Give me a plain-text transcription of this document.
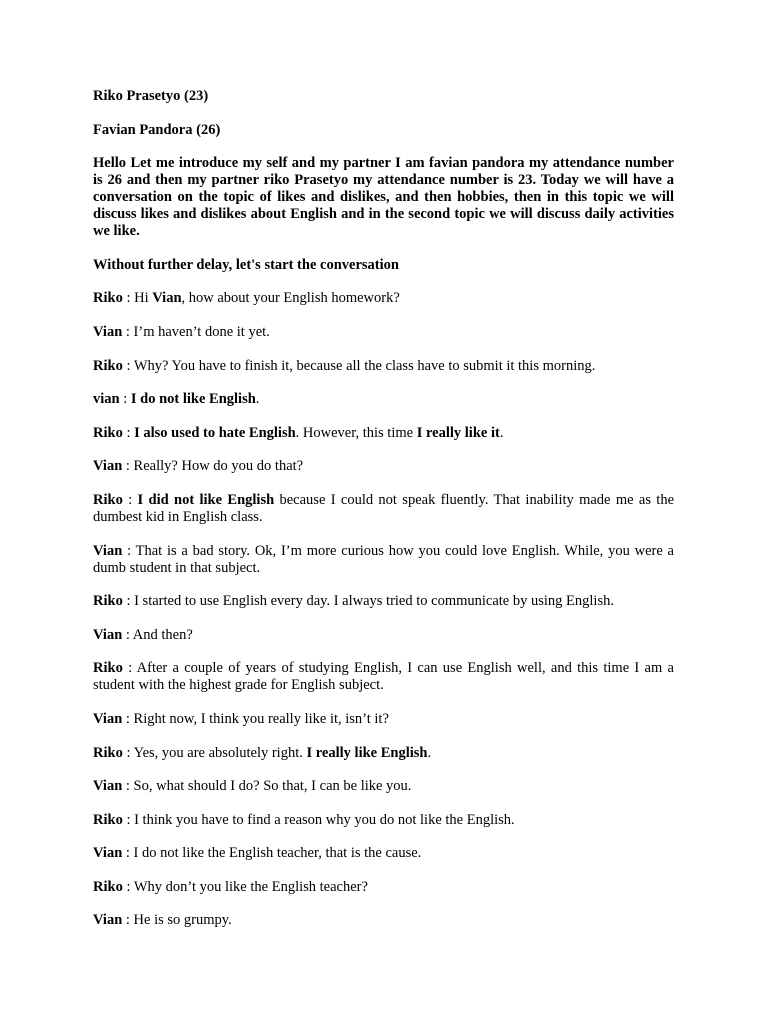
Riko Prasetyo (23)

Favian Pandora (26)

Hello Let me introduce my self and my partner I am favian pandora my attendance number is 26 and then my partner riko Prasetyo my attendance number is 23. Today we will have a conversation on the topic of likes and dislikes, and then hobbies, then in this topic we will discuss likes and dislikes about English and in the second topic we will discuss daily activities we like.

Without further delay, let's start the conversation

Riko : Hi Vian, how about your English homework?

Vian : I’m haven’t done it yet.

Riko : Why? You have to finish it, because all the class have to submit it this morning.

vian : I do not like English.

Riko : I also used to hate English. However, this time I really like it.

Vian : Really? How do you do that?

Riko : I did not like English because I could not speak fluently. That inability made me as the dumbest kid in English class.

Vian : That is a bad story. Ok, I’m more curious how you could love English. While, you were a dumb student in that subject.

Riko : I started to use English every day. I always tried to communicate by using English.

Vian : And then?

Riko : After a couple of years of studying English, I can use English well, and this time I am a student with the highest grade for English subject.

Vian : Right now, I think you really like it, isn’t it?

Riko : Yes, you are absolutely right. I really like English.

Vian : So, what should I do? So that, I can be like you.

Riko : I think you have to find a reason why you do not like the English.

Vian : I do not like the English teacher, that is the cause.

Riko : Why don’t you like the English teacher?

Vian : He is so grumpy.
